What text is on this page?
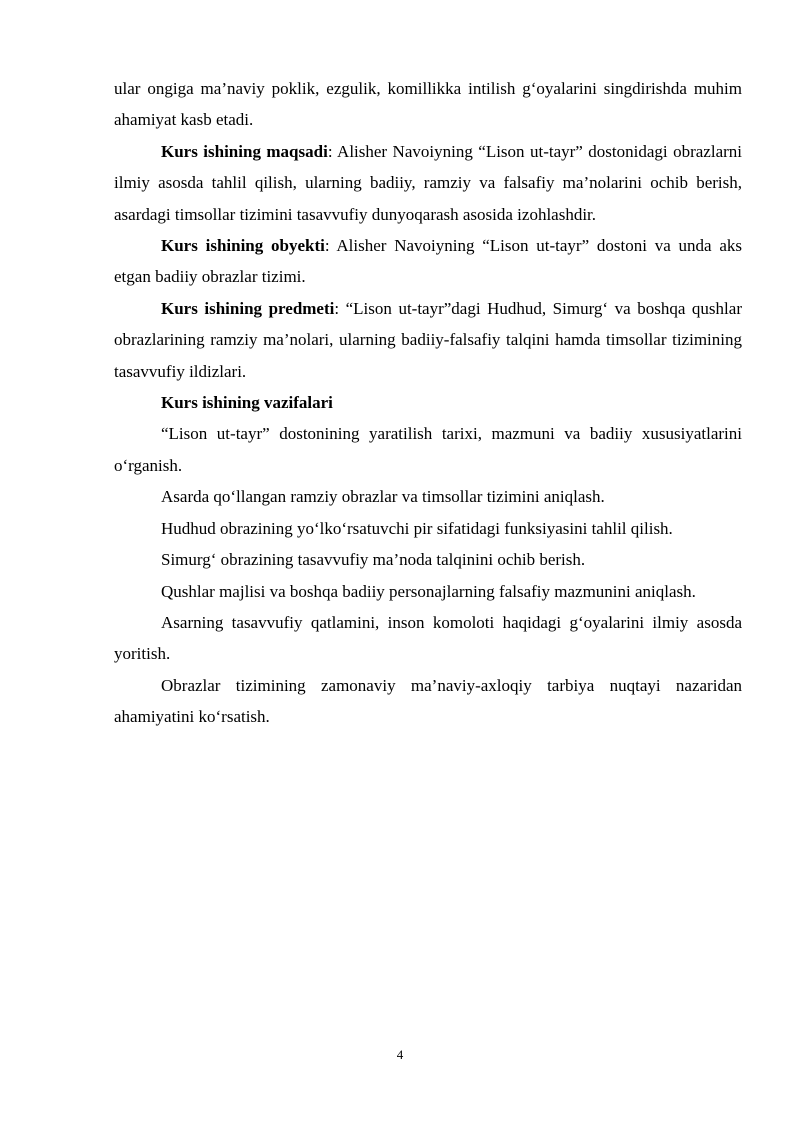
ular ongiga ma’naviy poklik, ezgulik, komillikka intilish g‘oyalarini singdirishda muhim ahamiyat kasb etadi.

Kurs ishining maqsadi: Alisher Navoiyning “Lison ut-tayr” dostonidagi obrazlarni ilmiy asosda tahlil qilish, ularning badiiy, ramziy va falsafiy ma’nolarini ochib berish, asardagi timsollar tizimini tasavvufiy dunyoqarash asosida izohlashdir.

Kurs ishining obyekti: Alisher Navoiyning “Lison ut-tayr” dostoni va unda aks etgan badiiy obrazlar tizimi.

Kurs ishining predmeti: “Lison ut-tayr”dagi Hudhud, Simurg‘ va boshqa qushlar obrazlarining ramziy ma’nolari, ularning badiiy-falsafiy talqini hamda timsollar tizimining tasavvufiy ildizlari.

Kurs ishining vazifalari

“Lison ut-tayr” dostonining yaratilish tarixi, mazmuni va badiiy xususiyatlarini o‘rganish.

Asarda qo‘llangan ramziy obrazlar va timsollar tizimini aniqlash.

Hudhud obrazining yo‘lko‘rsatuvchi pir sifatidagi funksiyasini tahlil qilish.

Simurg‘ obrazining tasavvufiy ma’noda talqinini ochib berish.

Qushlar majlisi va boshqa badiiy personajlarning falsafiy mazmunini aniqlash.

Asarning tasavvufiy qatlamini, inson komoloti haqidagi g‘oyalarini ilmiy asosda yoritish.

Obrazlar tizimining zamonaviy ma’naviy-axloqiy tarbiya nuqtayi nazaridan ahamiyatini ko‘rsatish.

4
